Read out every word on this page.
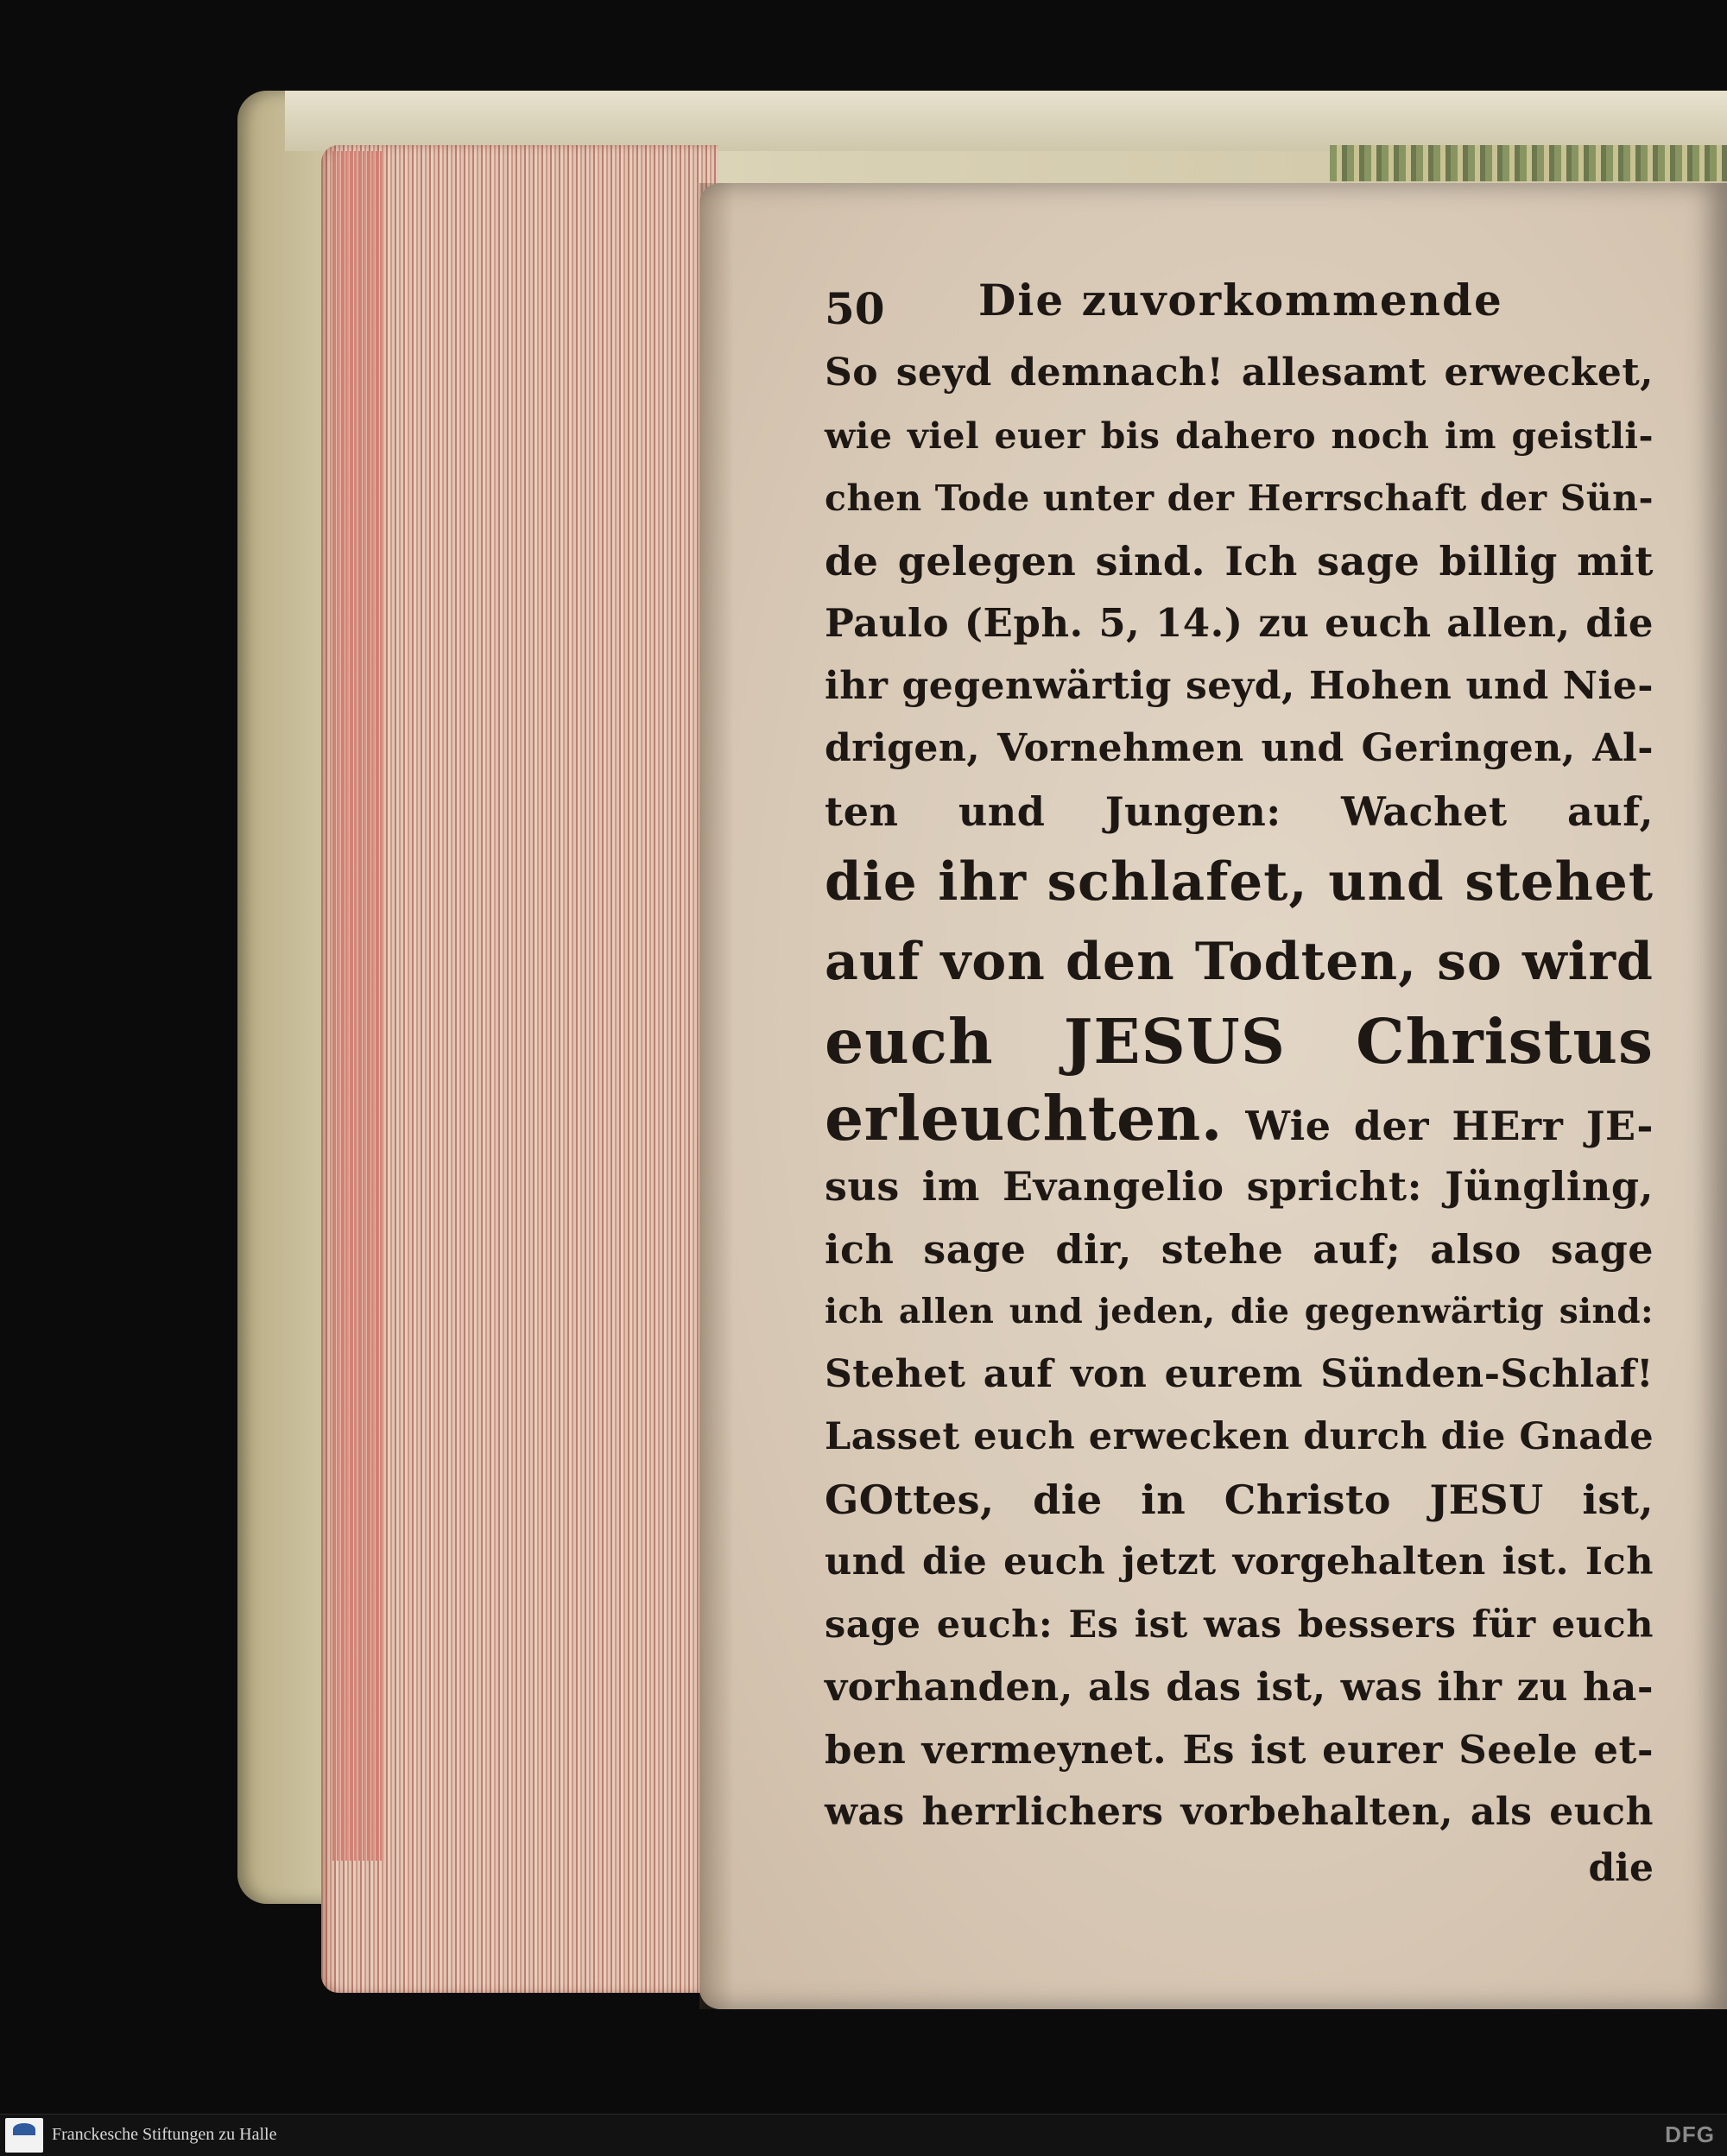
50 Die zuvorkommende
So seyd demnach! allesamt erwecket,
wie viel euer bis dahero noch im geistli-
chen Tode unter der Herrschaft der Sün-
de gelegen sind. Ich sage billig mit
Paulo (Eph. 5, 14.) zu euch allen, die
ihr gegenwärtig seyd, Hohen und Nie-
drigen, Vornehmen und Geringen, Al-
ten und Jungen: Wachet auf,
die ihr schlafet, und stehet
auf von den Todten, so wird
euch JESUS Christus
erleuchten. Wie der HErr JE-
sus im Evangelio spricht: Jüngling,
ich sage dir, stehe auf; also sage
ich allen und jeden, die gegenwärtig sind:
Stehet auf von eurem Sünden-Schlaf!
Lasset euch erwecken durch die Gnade
GOttes, die in Christo JESU ist,
und die euch jetzt vorgehalten ist. Ich
sage euch: Es ist was bessers für euch
vorhanden, als das ist, was ihr zu ha-
ben vermeynet. Es ist eurer Seele et-
was herrlichers vorbehalten, als euch
die
Franckesche Stiftungen zu Halle	DFG
